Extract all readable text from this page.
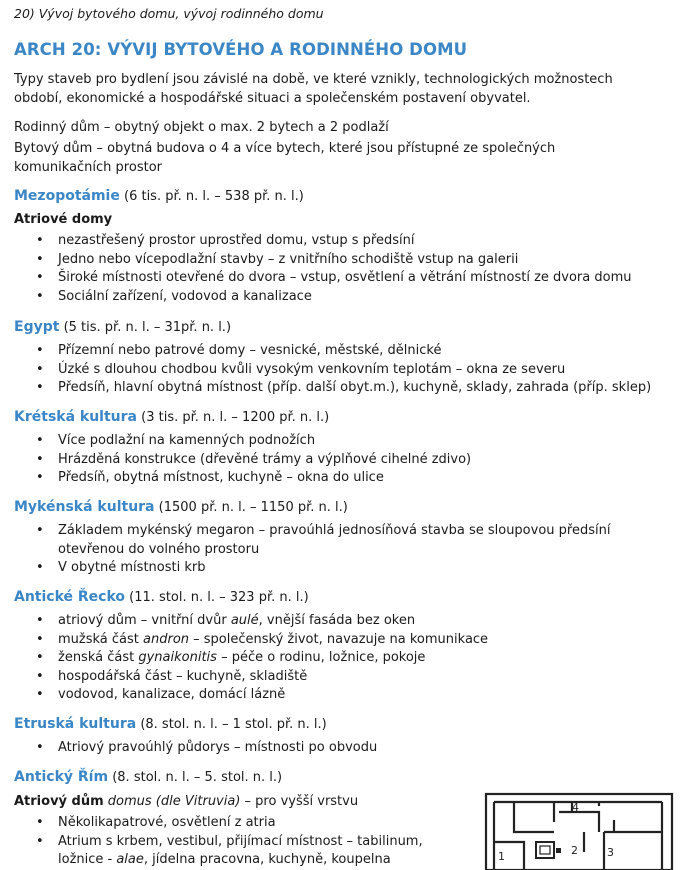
20) Vývoj bytového domu, vývoj rodinného domu
ARCH 20: VÝVIJ BYTOVÉHO A RODINNÉHO DOMU
Typy staveb pro bydlení jsou závislé na době, ve které vznikly, technologických možnostech
období, ekonomické a hospodářské situaci a společenském postavení obyvatel.
Rodinný dům – obytný objekt o max. 2 bytech a 2 podlaží
Bytový dům – obytná budova o 4 a více bytech, které jsou přístupné ze společných
komunikačních prostor
Mezopotámie (6 tis. př. n. l. – 538 př. n. l.)
Atriové domy
• nezastřešený prostor uprostřed domu, vstup s předsíní
• Jedno nebo vícepodlažní stavby – z vnitřního schodiště vstup na galerii
• Široké místnosti otevřené do dvora – vstup, osvětlení a větrání místností ze dvora domu
• Sociální zařízení, vodovod a kanalizace
Egypt (5 tis. př. n. l. – 31př. n. l.)
• Přízemní nebo patrové domy – vesnické, městské, dělnické
• Úzké s dlouhou chodbou kvůli vysokým venkovním teplotám – okna ze severu
• Předsíň, hlavní obytná místnost (příp. další obyt.m.), kuchyně, sklady, zahrada (příp. sklep)
Krétská kultura (3 tis. př. n. l. – 1200 př. n. l.)
• Více podlažní na kamenných podnožích
• Hrázděná konstrukce (dřevěné trámy a výplňové cihelné zdivo)
• Předsíň, obytná místnost, kuchyně – okna do ulice
Mykénská kultura (1500 př. n. l. – 1150 př. n. l.)
• Základem mykénský megaron – pravoúhlá jednosíňová stavba se sloupovou předsíní
otevřenou do volného prostoru
• V obytné místnosti krb
Antické Řecko (11. stol. n. l. – 323 př. n. l.)
• atriový dům – vnitřní dvůr aulé, vnější fasáda bez oken
• mužská část andron – společenský život, navazuje na komunikace
• ženská část gynaikonitis – péče o rodinu, ložnice, pokoje
• hospodářská část – kuchyně, skladiště
• vodovod, kanalizace, domácí lázně
Etruská kultura (8. stol. n. l. – 1 stol. př. n. l.)
• Atriový pravoúhlý půdorys – místnosti po obvodu
Antický Řím (8. stol. n. l. – 5. stol. n. l.)
Atriový dům domus (dle Vitruvia) – pro vyšší vrstvu
• Několikapatrové, osvětlení z atria
• Atrium s krbem, vestibul, přijímací místnost – tabilinum,
ložnice - alae, jídelna pracovna, kuchyně, koupelna	1	2	3
4
